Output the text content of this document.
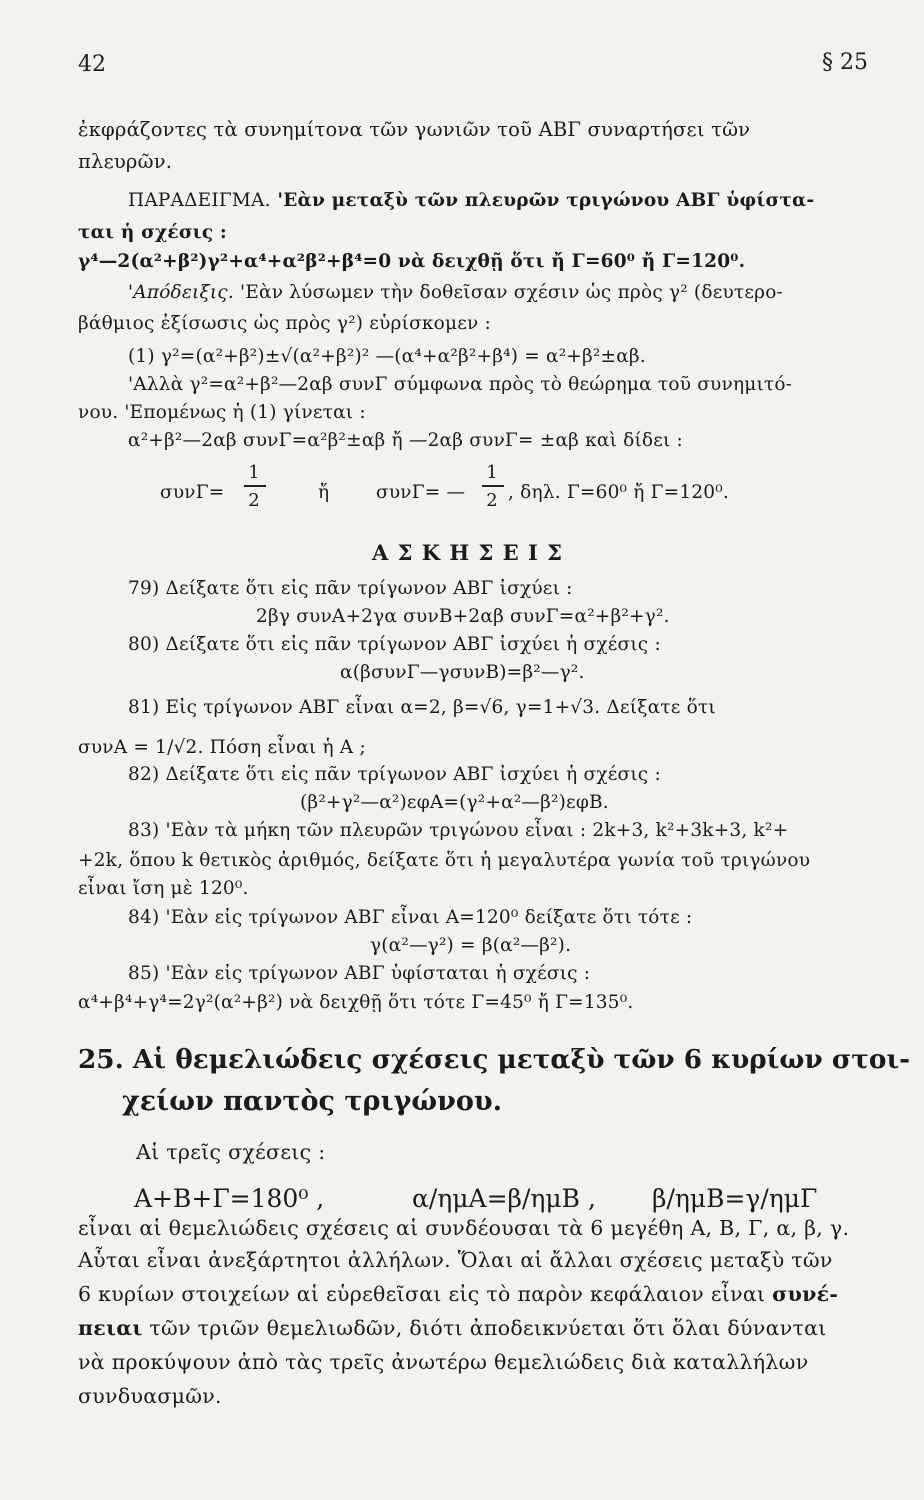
42	§ 25
ἐκφράζοντες τὰ συνημίτονα τῶν γωνιῶν τοῦ ΑΒΓ συναρτήσει τῶν
πλευρῶν.
ΠΑΡΑΔΕΙΓΜΑ. 'Εὰν μεταξὺ τῶν πλευρῶν τριγώνου ΑΒΓ ὑφίστα-
ται ἡ σχέσις :
γ⁴—2(α²+β²)γ²+α⁴+α²β²+β⁴=0 νὰ δειχθῇ ὅτι ἤ Γ=60⁰ ἤ Γ=120⁰.
'Απόδειξις. 'Εὰν λύσωμεν τὴν δοθεῖσαν σχέσιν ὡς πρὸς γ² (δευτερο-
βάθμιος ἐξίσωσις ὡς πρὸς γ²) εὑρίσκομεν :
(1) γ²=(α²+β²)±√(α²+β²)² —(α⁴+α²β²+β⁴) = α²+β²±αβ.
'Αλλὰ γ²=α²+β²—2αβ συνΓ σύμφωνα πρὸς τὸ θεώρημα τοῦ συνημιτό-
νου. 'Επομένως ἡ (1) γίνεται :
α²+β²—2αβ συνΓ=α²β²±αβ ἤ —2αβ συνΓ= ±αβ καὶ δίδει :
συνΓ=
1
2	ἤ	συνΓ= —
1
2 , δηλ. Γ=60⁰ ἤ Γ=120⁰.
Α Σ Κ Η Σ Ε Ι Σ
79) Δείξατε ὅτι εἰς πᾶν τρίγωνον ΑΒΓ ἰσχύει :
2βγ συνΑ+2γα συνΒ+2αβ συνΓ=α²+β²+γ².
80) Δείξατε ὅτι εἰς πᾶν τρίγωνον ΑΒΓ ἰσχύει ἡ σχέσις :
α(βσυνΓ—γσυνΒ)=β²—γ².
81) Εἰς τρίγωνον ΑΒΓ εἶναι α=2, β=√6, γ=1+√3. Δείξατε ὅτι
συνΑ = 1/√2. Πόση εἶναι ἡ Α ;
82) Δείξατε ὅτι εἰς πᾶν τρίγωνον ΑΒΓ ἰσχύει ἡ σχέσις :
(β²+γ²—α²)εφΑ=(γ²+α²—β²)εφΒ.
83) 'Εὰν τὰ μήκη τῶν πλευρῶν τριγώνου εἶναι : 2k+3, k²+3k+3, k²+
+2k, ὅπου k θετικὸς ἀριθμός, δείξατε ὅτι ἡ μεγαλυτέρα γωνία τοῦ τριγώνου
εἶναι ἴση μὲ 120⁰.
84) 'Εὰν εἰς τρίγωνον ΑΒΓ εἶναι Α=120⁰ δείξατε ὅτι τότε :
γ(α²—γ²) = β(α²—β²).
85) 'Εὰν εἰς τρίγωνον ΑΒΓ ὑφίσταται ἡ σχέσις :
α⁴+β⁴+γ⁴=2γ²(α²+β²) νὰ δειχθῇ ὅτι τότε Γ=45⁰ ἤ Γ=135⁰.
25. Αἱ θεμελιώδεις σχέσεις μεταξὺ τῶν 6 κυρίων στοι-
χείων παντὸς τριγώνου.
Αἱ τρεῖς σχέσεις :
Α+Β+Γ=180⁰ ,	α/ημΑ=β/ημΒ , β/ημΒ=γ/ημΓ
εἶναι αἱ θεμελιώδεις σχέσεις αἱ συνδέουσαι τὰ 6 μεγέθη Α, Β, Γ, α, β, γ.
Αὗται εἶναι ἀνεξάρτητοι ἀλλήλων. Ὅλαι αἱ ἄλλαι σχέσεις μεταξὺ τῶν
6 κυρίων στοιχείων αἱ εὑρεθεῖσαι εἰς τὸ παρὸν κεφάλαιον εἶναι συνέ-
πειαι τῶν τριῶν θεμελιωδῶν, διότι ἀποδεικνύεται ὅτι ὅλαι δύνανται
νὰ προκύψουν ἀπὸ τὰς τρεῖς ἀνωτέρω θεμελιώδεις διὰ καταλλήλων
συνδυασμῶν.
